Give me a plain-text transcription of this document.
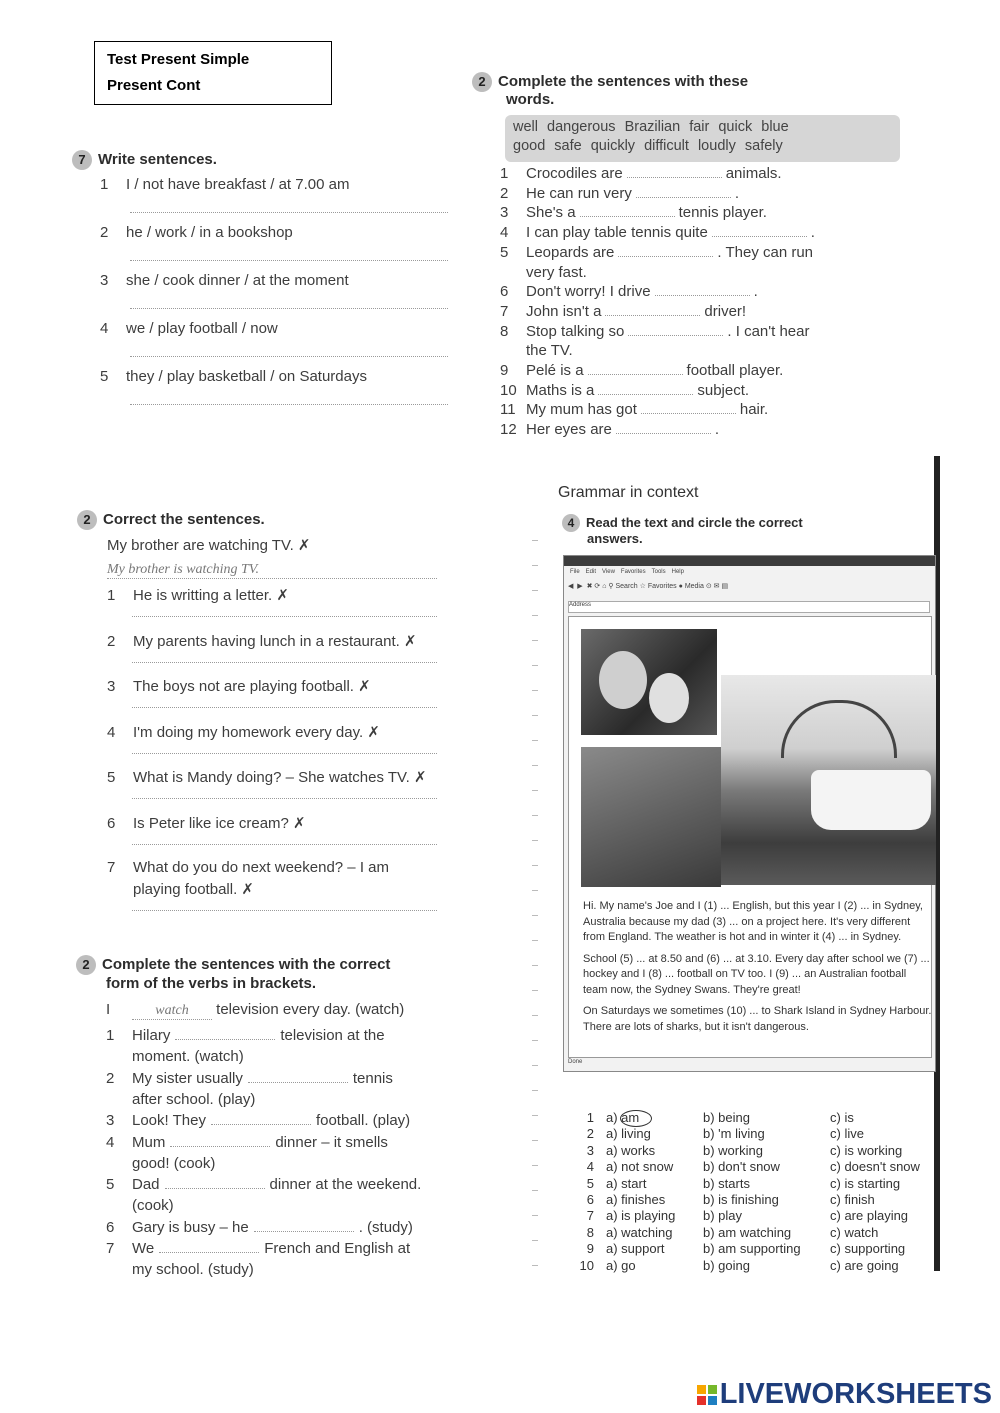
Test Present Simple
Present Cont
7 Write sentences.
1 I / not have breakfast / at 7.00 am
2 he / work / in a bookshop
3 she / cook dinner / at the moment
4 we / play football / now
5 they / play basketball / on Saturdays
2 Complete the sentences with these
words.
well dangerous Brazilian fair quick blue
good safe quickly difficult loudly safely
1 Crocodiles are	animals.
2 He can run very	.
3 She's a	tennis player.
4 I can play table tennis quite	.
5 Leopards are	. They can run
very fast.
6 Don't worry! I drive	.
7 John isn't a	driver!
8 Stop talking so	. I can't hear
the TV.
9 Pelé is a	football player.
10 Maths is a	subject.
11 My mum has got	hair.
12 Her eyes are	.
2 Correct the sentences.
My brother are watching TV. ✗
My brother is watching TV.
1 He is writting a letter. ✗
2 My parents having lunch in a restaurant. ✗
3 The boys not are playing football. ✗
4 I'm doing my homework every day. ✗
5 What is Mandy doing? – She watches TV. ✗
6 Is Peter like ice cream? ✗
7 What do you do next weekend? – I am
playing football. ✗
2 Complete the sentences with the correct
form of the verbs in brackets.
I	watch television every day. (watch)
1 Hilary	television at the
moment. (watch)
2 My sister usually	tennis
after school. (play)
3 Look! They	football. (play)
4 Mum	dinner – it smells
good! (cook)
5 Dad	dinner at the weekend.
(cook)
6 Gary is busy – he	. (study)
7 We	French and English at
my school. (study)
Grammar in context
4 Read the text and circle the correct
answers.
File Edit View Favorites Tools Help
◀ ▶ ✖ ⟳ ⌂ ⚲ Search ☆ Favorites ● Media ⊙ ✉ ▤
Address

Hi. My name's Joe and I (1) ... English, but this year I (2) ... in Sydney, Australia because my dad (3) ... on a project here. It's very different from England. The weather is hot and in winter it (4) ... in Sydney.

School (5) ... at 8.50 and (6) ... at 3.10. Every day after school we (7) ... hockey and I (8) ... football on TV too. I (9) ... an Australian football team now, the Sydney Swans. They're great!

On Saturdays we sometimes (10) ... to Shark Island in Sydney Harbour. There are lots of sharks, but it isn't dangerous.

Done
1 a) am	b) being	c) is
2 a) living	b) 'm living	c) live
3 a) works	b) working	c) is working
4 a) not snow b) don't snow	c) doesn't snow
5 a) start	b) starts	c) is starting
6 a) finishes	b) is finishing	c) finish
7 a) is playing b) play	c) are playing
8 a) watching b) am watching	c) watch
9 a) support	b) am supporting c) supporting
10 a) go	b) going	c) are going
LIVEWORKSHEETS
